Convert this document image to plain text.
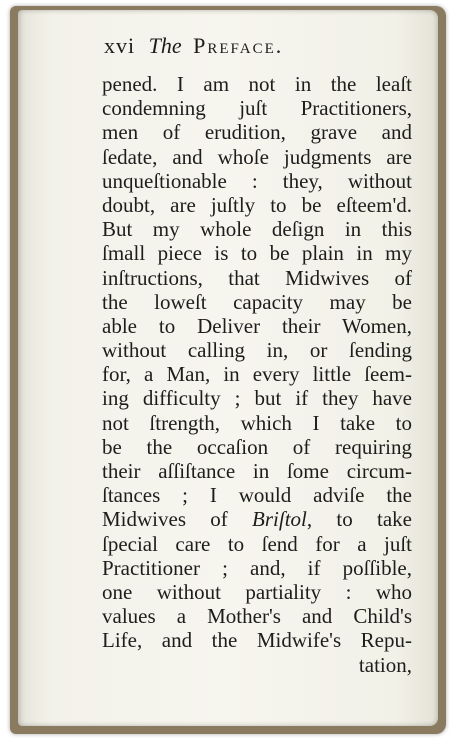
xvi The Preface.
pened. I am not in the leaſt
condemning juſt Practitioners,
men of erudition, grave and
ſedate, and whoſe judgments are
unqueſtionable : they, without
doubt, are juſtly to be eſteem'd.
But my whole deſign in this
ſmall piece is to be plain in my
inſtructions, that Midwives of
the loweſt capacity may be
able to Deliver their Women,
without calling in, or ſending
for, a Man, in every little ſeem-
ing difficulty ; but if they have
not ſtrength, which I take to
be the occaſion of requiring
their aſſiſtance in ſome circum-
ſtances ; I would adviſe the
Midwives of Briſtol, to take
ſpecial care to ſend for a juſt
Practitioner ; and, if poſſible,
one without partiality : who
values a Mother's and Child's
Life, and the Midwife's Repu-
tation,
